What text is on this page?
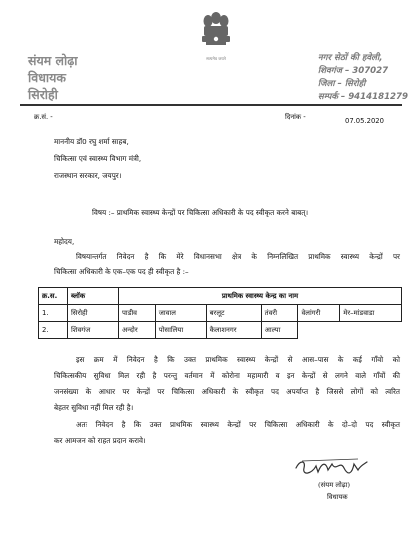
संयम लोढ़ा
विधायक
सिरोही
सत्यमेव जयते	नगर सेठों की हवेली,
शिवगंज – 307027
जिला – सिरोही
सम्पर्क – 9414181279
क्र.सं. -	दिनांक -	07.05.2020
माननीय डॉ0 रघु शर्मा साहब,
चिकित्सा एवं स्वास्थ्य विभाग मंत्री,
राजस्थान सरकार, जयपुर।
विषय :– प्राथमिक स्वास्थ्य केन्द्रों पर चिकित्सा अधिकारी के पद स्वीकृत करने बाबत्।
महोदय,
विषयान्तर्गत निवेदन है कि मेरे विधानसभा क्षेत्र के निम्नलिखित प्राथमिक स्वास्थ्य केन्द्रों पर
चिकित्सा अधिकारी के एक–एक पद ही स्वीकृत है :–
क्र.स.	ब्लॉक	प्राथमिक स्वास्थ्य केन्द्र का नाम					
1.	सिरोही	पाडीव	जावाल	बरलूट	तंवरी	वेलांगरी	मेर–मांडवाडा
2.	शिवगंज	अन्दोर	पोसालिया	कैलाशनगर	आल्पा		
इस क्रम में निवेदन है कि उक्त प्राथमिक स्वास्थ्य केन्द्रों से आस–पास के कई गाँवो को
चिकित्सकीय सुविधा मिल रही है परन्तु वर्तमान में कोरोना महामारी व इन केन्द्रों से लगने वाले गाँवों की
जनसंख्या के आधार पर केन्द्रों पर चिकित्सा अधिकारी के स्वीकृत पद अपर्याप्त है जिससे लोगों को त्वरित
बेहतर सुविधा नहीं मिल रही है।
अतः निवेदन है कि उक्त प्राथमिक स्वास्थ्य केन्द्रों पर चिकित्सा अधिकारी के दो–दो पद स्वीकृत
कर आमजन को राहत प्रदान करावे।
(संयम लोढ़ा)
विधायक
